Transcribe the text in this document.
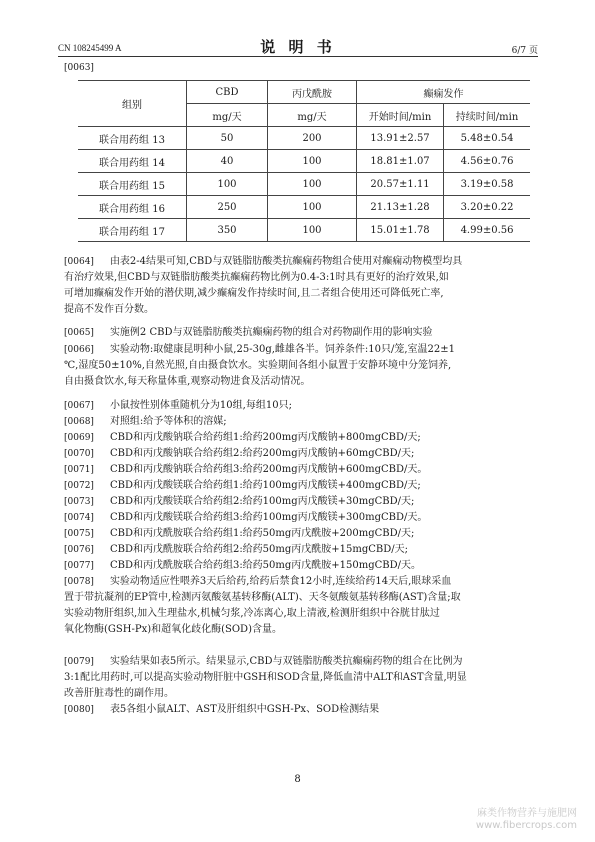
CN 108245499 A	说 明 书	6/7 页
[0063]
组别	CBD	丙戊酰胺	癫痫发作	
	mg/天	mg/天	开始时间/min	持续时间/min
联合用药组 13	50	200	13.91±2.57	5.48±0.54
联合用药组 14	40	100	18.81±1.07	4.56±0.76
联合用药组 15	100	100	20.57±1.11	3.19±0.58
联合用药组 16	250	100	21.13±1.28	3.20±0.22
联合用药组 17	350	100	15.01±1.78	4.99±0.56
[0064] 由表2-4结果可知,CBD与双链脂肪酸类抗癫痫药物组合使用对癫痫动物模型均具
有治疗效果,但CBD与双链脂肪酸类抗癫痫药物比例为0.4-3:1时具有更好的治疗效果,如
可增加癫痫发作开始的潜伏期,减少癫痫发作持续时间,且二者组合使用还可降低死亡率,
提高不发作百分数。
[0065] 实施例2 CBD与双链脂肪酸类抗癫痫药物的组合对药物副作用的影响实验
[0066] 实验动物:取健康昆明种小鼠,25-30g,雌雄各半。饲养条件:10只/笼,室温22±1
℃,湿度50±10%,自然光照,自由摄食饮水。实验期间各组小鼠置于安静环境中分笼饲养,
自由摄食饮水,每天称量体重,观察动物进食及活动情况。
[0067] 小鼠按性别体重随机分为10组,每组10只;
[0068] 对照组:给予等体积的溶媒;
[0069] CBD和丙戊酸钠联合给药组1:给药200mg丙戊酸钠+800mgCBD/天;
[0070] CBD和丙戊酸钠联合给药组2:给药200mg丙戊酸钠+60mgCBD/天;
[0071] CBD和丙戊酸钠联合给药组3:给药200mg丙戊酸钠+600mgCBD/天。
[0072] CBD和丙戊酸镁联合给药组1:给药100mg丙戊酸镁+400mgCBD/天;
[0073] CBD和丙戊酸镁联合给药组2:给药100mg丙戊酸镁+30mgCBD/天;
[0074] CBD和丙戊酸镁联合给药组3:给药100mg丙戊酸镁+300mgCBD/天。
[0075] CBD和丙戊酰胺联合给药组1:给药50mg丙戊酰胺+200mgCBD/天;
[0076] CBD和丙戊酰胺联合给药组2:给药50mg丙戊酰胺+15mgCBD/天;
[0077] CBD和丙戊酰胺联合给药组3:给药50mg丙戊酰胺+150mgCBD/天。
[0078] 实验动物适应性喂养3天后给药,给药后禁食12小时,连续给药14天后,眼球采血
置于带抗凝剂的EP管中,检测丙氨酸氨基转移酶(ALT)、天冬氨酸氨基转移酶(AST)含量;取
实验动物肝组织,加入生理盐水,机械匀浆,冷冻离心,取上清液,检测肝组织中谷胱甘肽过
氧化物酶(GSH-Px)和超氧化歧化酶(SOD)含量。
[0079] 实验结果如表5所示。结果显示,CBD与双链脂肪酸类抗癫痫药物的组合在比例为
3:1配比用药时,可以提高实验动物肝脏中GSH和SOD含量,降低血清中ALT和AST含量,明显
改善肝脏毒性的副作用。
[0080] 表5各组小鼠ALT、AST及肝组织中GSH-Px、SOD检测结果
8
麻类作物营养与施肥网
www.fibercrops.com
